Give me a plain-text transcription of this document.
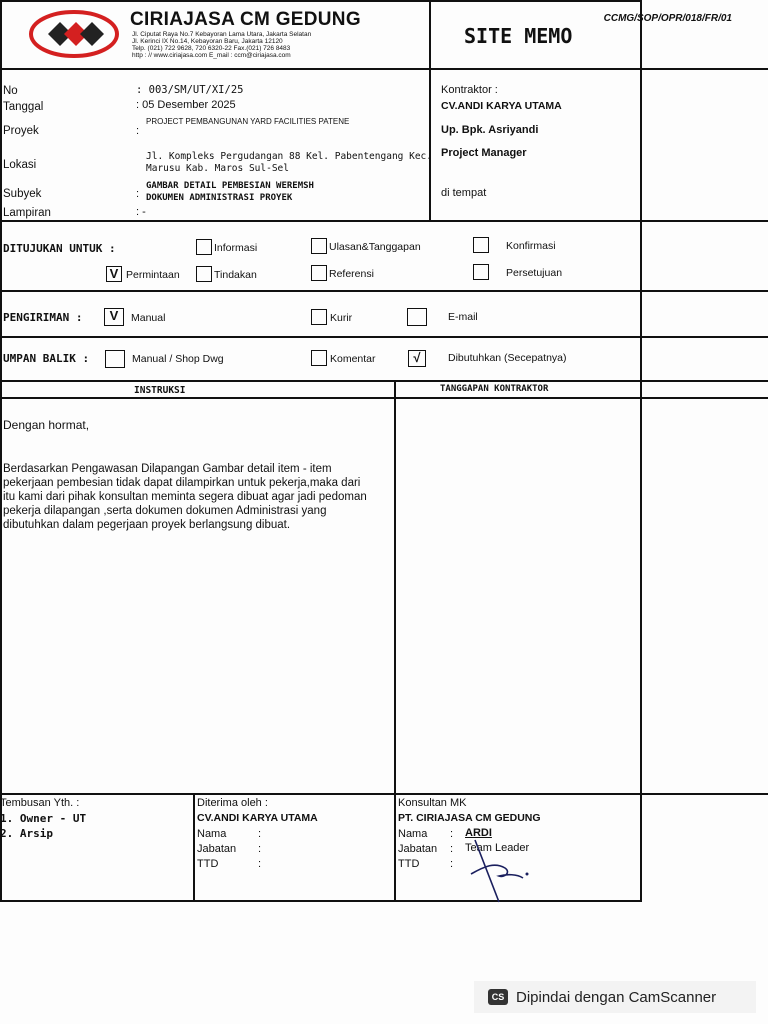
CCMG/SOP/OPR/018/FR/01
CIRIAJASA CM GEDUNG
Jl. Ciputat Raya No.7 Kebayoran Lama Utara, Jakarta Selatan
Jl. Kerinci IX No.14, Kebayoran Baru, Jakarta 12120
Telp. (021) 722 9628, 720 6320-22 Fax.(021) 726 8483
http : // www.ciriajasa.com E_mail : ccm@ciriajasa.com
SITE MEMO
No	: 003/SM/UT/XI/25
Tanggal	: 05 Desember 2025
Proyek	:
PROJECT PEMBANGUNAN YARD FACILITIES PATENE
Lokasi
Jl. Kompleks Pergudangan 88 Kel. Pabentengang Kec.
Marusu Kab. Maros Sul-Sel
Subyek	:
GAMBAR DETAIL PEMBESIAN WEREMSH
DOKUMEN ADMINISTRASI PROYEK
Lampiran	: -
Kontraktor :
CV.ANDI KARYA UTAMA
Up. Bpk. Asriyandi
Project Manager
di tempat
DITUJUKAN UNTUK :	Informasi	Ulasan&Tanggapan	Konfirmasi
V Permintaan	Tindakan	Referensi	Persetujuan
PENGIRIMAN :	V	Manual	Kurir	E-mail
UMPAN BALIK :	Manual / Shop Dwg	Komentar	√	Dibutuhkan (Secepatnya)
INSTRUKSI	TANGGAPAN KONTRAKTOR
Dengan hormat,
Berdasarkan Pengawasan Dilapangan Gambar detail item - item
pekerjaan pembesian tidak dapat dilampirkan untuk pekerja,maka dari
itu kami dari pihak konsultan meminta segera dibuat agar jadi pedoman
pekerja dilapangan ,serta dokumen dokumen Administrasi yang
dibutuhkan dalam pegerjaan proyek berlangsung dibuat.
Tembusan Yth. :
1. Owner - UT
2. Arsip
Diterima oleh :
CV.ANDI KARYA UTAMA
Nama	:
Jabatan :
TTD	:
Konsultan MK
PT. CIRIAJASA CM GEDUNG
Nama : ARDI
Jabatan : Team Leader
TTD	:
CS Dipindai dengan CamScanner
